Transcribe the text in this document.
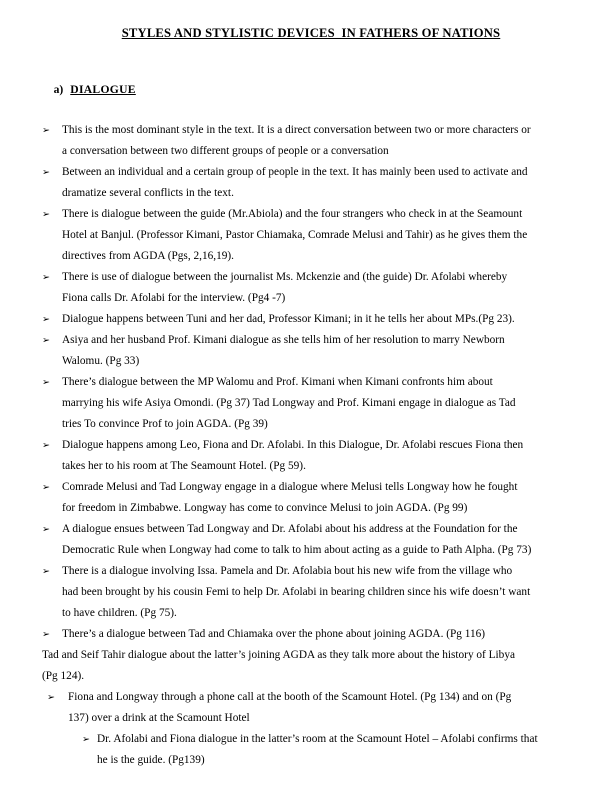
STYLES AND STYLISTIC DEVICES  IN FATHERS OF NATIONS

a) DIALOGUE

➢ This is the most dominant style in the text. It is a direct conversation between two or more characters or
a conversation between two different groups of people or a conversation
➢ Between an individual and a certain group of people in the text. It has mainly been used to activate and
dramatize several conflicts in the text.
➢ There is dialogue between the guide (Mr.Abiola) and the four strangers who check in at the Seamount
Hotel at Banjul. (Professor Kimani, Pastor Chiamaka, Comrade Melusi and Tahir) as he gives them the
directives from AGDA (Pgs, 2,16,19).
➢ There is use of dialogue between the journalist Ms. Mckenzie and (the guide) Dr. Afolabi whereby
Fiona calls Dr. Afolabi for the interview. (Pg4 -7)
➢ Dialogue happens between Tuni and her dad, Professor Kimani; in it he tells her about MPs.(Pg 23).
➢ Asiya and her husband Prof. Kimani dialogue as she tells him of her resolution to marry Newborn
Walomu. (Pg 33)
➢ There’s dialogue between the MP Walomu and Prof. Kimani when Kimani confronts him about
marrying his wife Asiya Omondi. (Pg 37) Tad Longway and Prof. Kimani engage in dialogue as Tad
tries To convince Prof to join AGDA. (Pg 39)
➢ Dialogue happens among Leo, Fiona and Dr. Afolabi. In this Dialogue, Dr. Afolabi rescues Fiona then
takes her to his room at The Seamount Hotel. (Pg 59).
➢ Comrade Melusi and Tad Longway engage in a dialogue where Melusi tells Longway how he fought
for freedom in Zimbabwe. Longway has come to convince Melusi to join AGDA. (Pg 99)
➢ A dialogue ensues between Tad Longway and Dr. Afolabi about his address at the Foundation for the
Democratic Rule when Longway had come to talk to him about acting as a guide to Path Alpha. (Pg 73)
➢ There is a dialogue involving Issa. Pamela and Dr. Afolabia bout his new wife from the village who
had been brought by his cousin Femi to help Dr. Afolabi in bearing children since his wife doesn’t want
to have children. (Pg 75).
➢ There’s a dialogue between Tad and Chiamaka over the phone about joining AGDA. (Pg 116)
Tad and Seif Tahir dialogue about the latter’s joining AGDA as they talk more about the history of Libya
(Pg 124).
➢ Fiona and Longway through a phone call at the booth of the Scamount Hotel. (Pg 134) and on (Pg
137) over a drink at the Scamount Hotel
➢ Dr. Afolabi and Fiona dialogue in the latter’s room at the Scamount Hotel – Afolabi confirms that
he is the guide. (Pg139)
